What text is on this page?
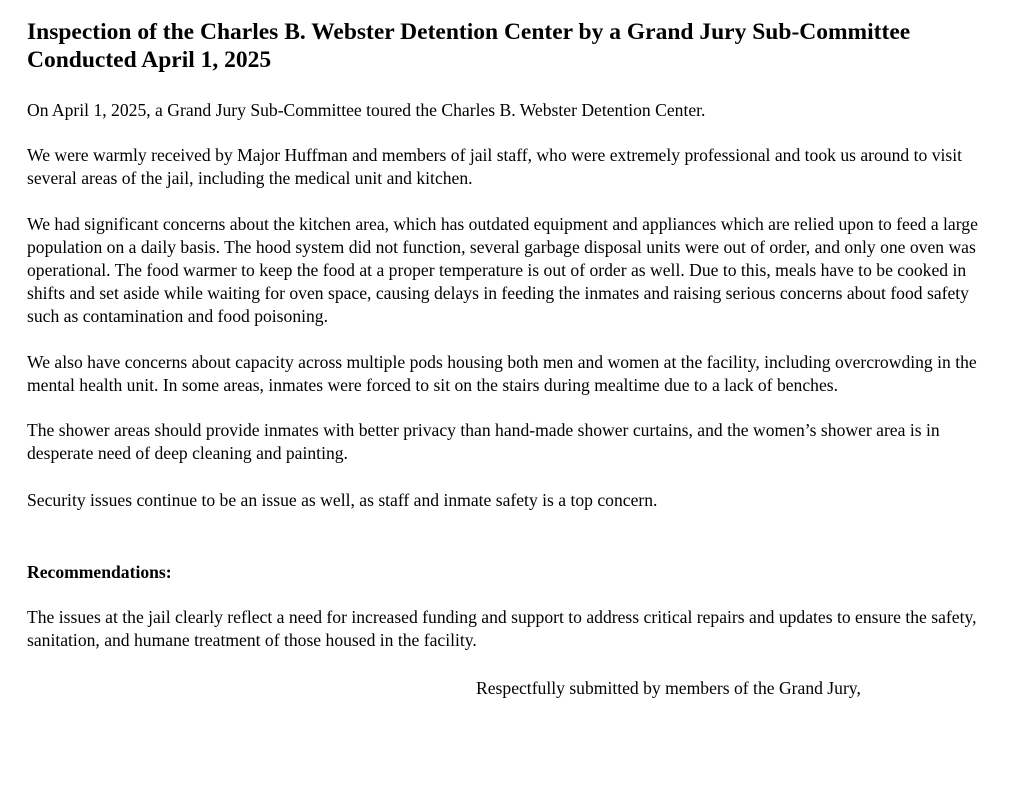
Inspection of the Charles B. Webster Detention Center by a Grand Jury Sub-Committee
Conducted April 1, 2025

On April 1, 2025, a Grand Jury Sub-Committee toured the Charles B. Webster Detention Center.

We were warmly received by Major Huffman and members of jail staff, who were extremely professional and took us around to visit several areas of the jail, including the medical unit and kitchen.

We had significant concerns about the kitchen area, which has outdated equipment and appliances which are relied upon to feed a large population on a daily basis. The hood system did not function, several garbage disposal units were out of order, and only one oven was operational. The food warmer to keep the food at a proper temperature is out of order as well. Due to this, meals have to be cooked in shifts and set aside while waiting for oven space, causing delays in feeding the inmates and raising serious concerns about food safety such as contamination and food poisoning.

We also have concerns about capacity across multiple pods housing both men and women at the facility, including overcrowding in the mental health unit. In some areas, inmates were forced to sit on the stairs during mealtime due to a lack of benches.

The shower areas should provide inmates with better privacy than hand-made shower curtains, and the women’s shower area is in desperate need of deep cleaning and painting.

Security issues continue to be an issue as well, as staff and inmate safety is a top concern.

Recommendations:

The issues at the jail clearly reflect a need for increased funding and support to address critical repairs and updates to ensure the safety, sanitation, and humane treatment of those housed in the facility.

Respectfully submitted by members of the Grand Jury,
